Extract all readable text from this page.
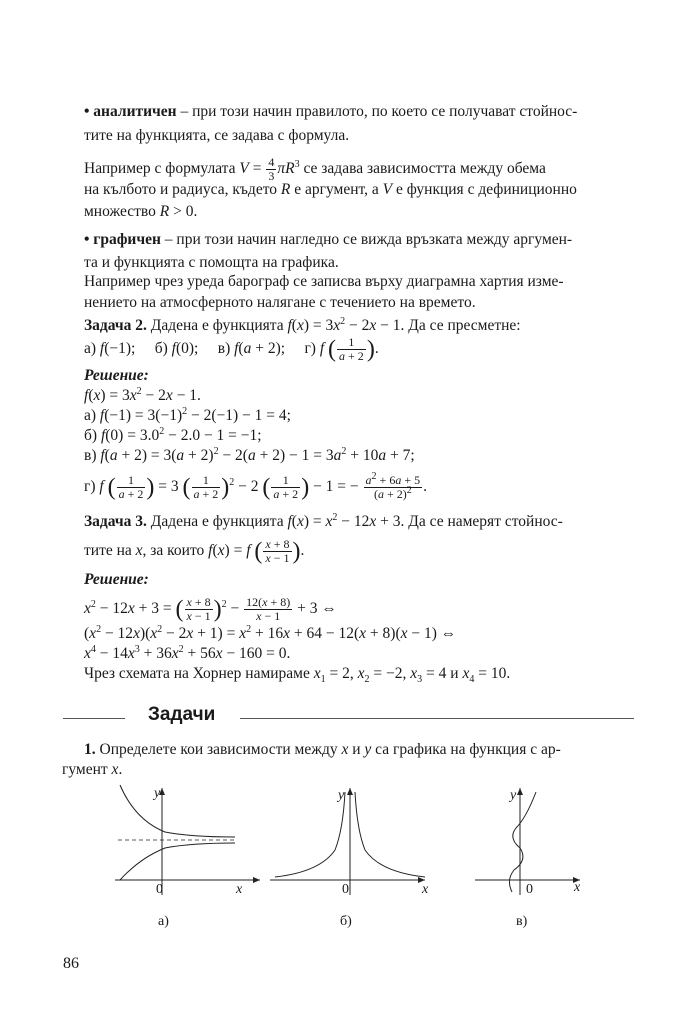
• аналитичен – при този начин правилото, по което се получават стойнос-
тите на функцията, се задава с формула.
Например с формулата $V = \frac{4}{3} \pi R^3$ се задава зависимостта между обема
на кълбото и радиуса, където R е аргумент, а V е функция с дефиниционно
множество R > 0.
• графичен – при този начин нагледно се вижда връзката между аргумен-
та и функцията с помощта на графика.
Например чрез уреда барограф се записва върху диаграмна хартия изме-
нението на атмосферното налягане с течението на времето.
Задача 2. Дадена е функцията $f(x) = 3x^2 - 2x - 1$. Да се пресметне:
а) f(−1);     б) f(0);     в) f(a + 2);     г) f ( $\frac{1}{a + 2}$ ).
Решение:
$f(x) = 3x^2 - 2x - 1$.
а) $f(-1) = 3(-1)^2 - 2(-1) - 1 = 4$;
б) $f(0) = 3.0^2 - 2.0 - 1 = -1$;
в) $f(a + 2) = 3(a + 2)^2 - 2(a + 2) - 1 = 3a^2 + 10a + 7$;
г) f ( $\frac{1}{a + 2}$ ) = 3 ( $\frac{1}{a + 2} )^2 - 2$ ( $\frac{1}{a + 2}$ ) − 1 = − $\frac{a^2 + 6a + 5}{(a + 2)^2}$ .
Задача 3. Дадена е функцията $f(x) = x^2 - 12x + 3$. Да се намерят стойнос-
тите на x, за които f(x) = f ( $\frac{x + 8}{x - 1}$ ).
Решение:
$x^2 - 12x + 3$ = ( $\frac{x + 8}{x - 1} )^2 - \frac{12(x + 8)}{x - 1} + 3$ ⇔
$(x^2 - 12x)(x^2 - 2x + 1) = x^2 + 16x + 64 - 12(x + 8)(x - 1)$ ⇔
$x^4 - 14x^3 + 36x^2 + 56x - 160 = 0$.
Чрез схемата на Хорнер намираме $x_1 = 2$, $x_2 = -2$, $x_3 = 4$ и $x_4 = 10$.
Задачи
1. Определете кои зависимости между x и y са графика на функция с ар-
гумент x.
y
0	x
а)
y
0	x
б)
y
0	x
в)
86
